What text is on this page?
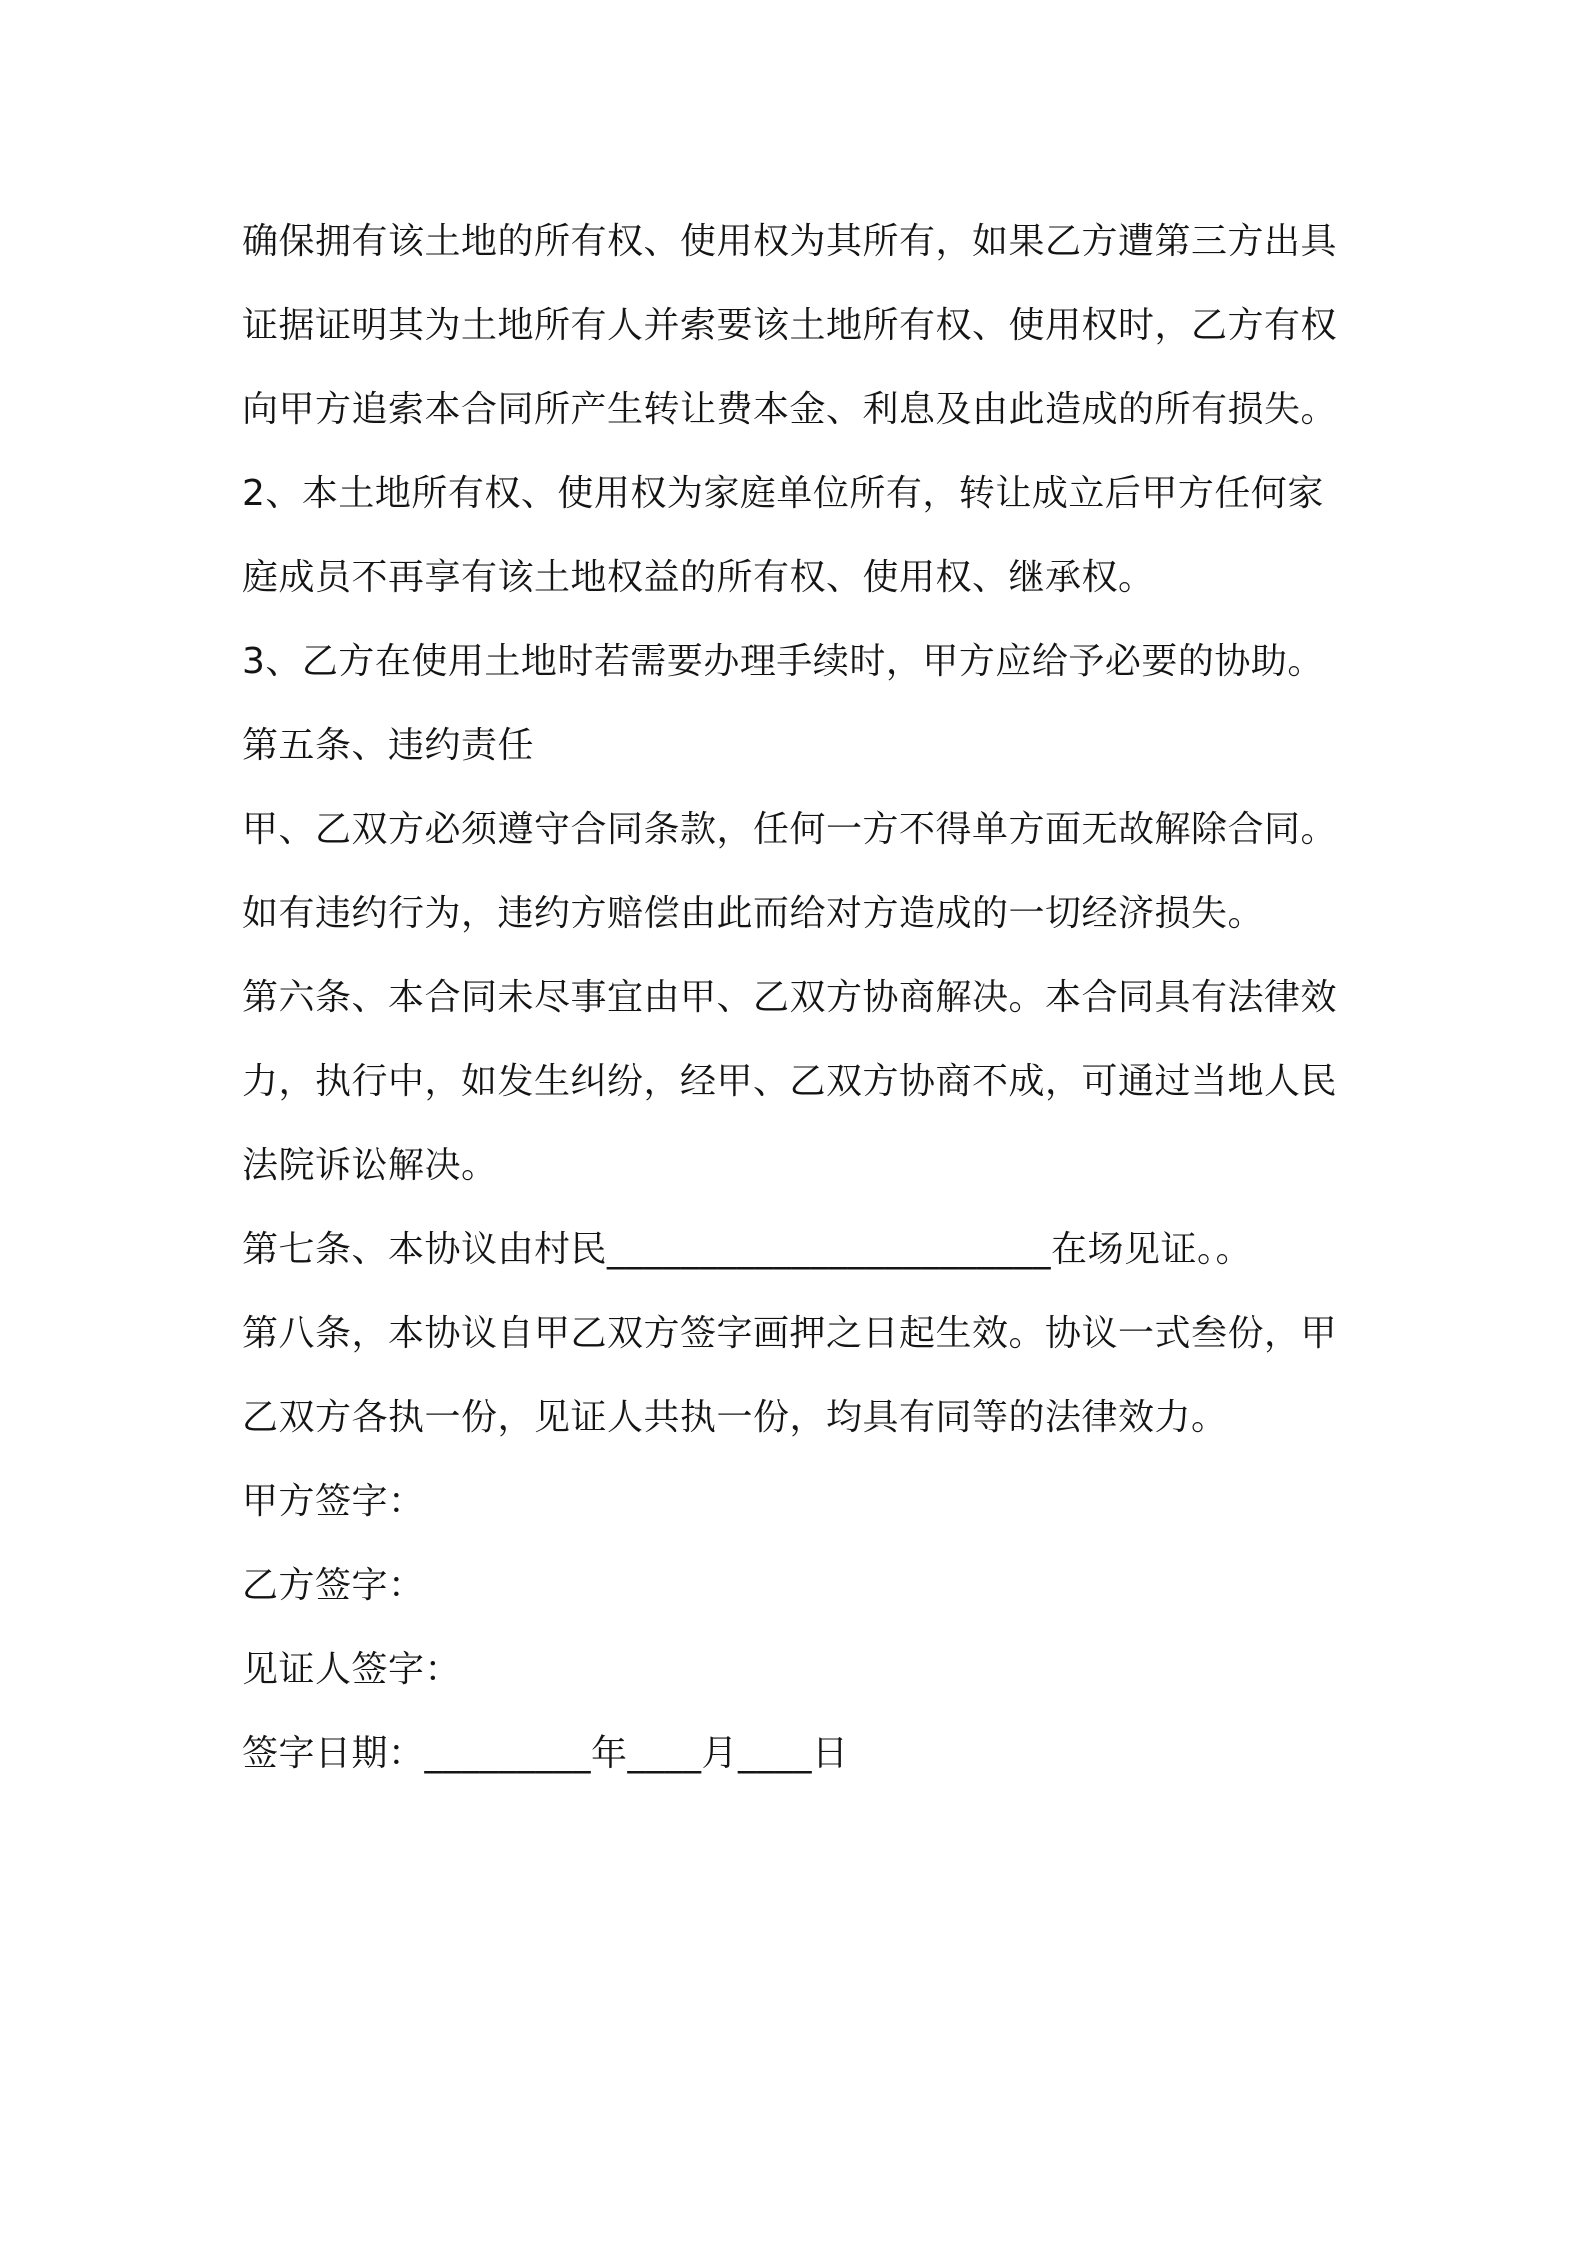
确保拥有该土地的所有权、使用权为其所有，如果乙方遭第三方出具
证据证明其为土地所有人并索要该土地所有权、使用权时，乙方有权
向甲方追索本合同所产生转让费本金、利息及由此造成的所有损失。
2、本土地所有权、使用权为家庭单位所有，转让成立后甲方任何家
庭成员不再享有该土地权益的所有权、使用权、继承权。
3、乙方在使用土地时若需要办理手续时，甲方应给予必要的协助。
第五条、违约责任
甲、乙双方必须遵守合同条款，任何一方不得单方面无故解除合同。
如有违约行为，违约方赔偿由此而给对方造成的一切经济损失。
第六条、本合同未尽事宜由甲、乙双方协商解决。本合同具有法律效
力，执行中，如发生纠纷，经甲、乙双方协商不成，可通过当地人民
法院诉讼解决。
第七条、本协议由村民________________________在场见证。。
第八条，本协议自甲乙双方签字画押之日起生效。协议一式叁份，甲
乙双方各执一份，见证人共执一份，均具有同等的法律效力。
甲方签字：
乙方签字：
见证人签字：
签字日期：_________年____月____日
